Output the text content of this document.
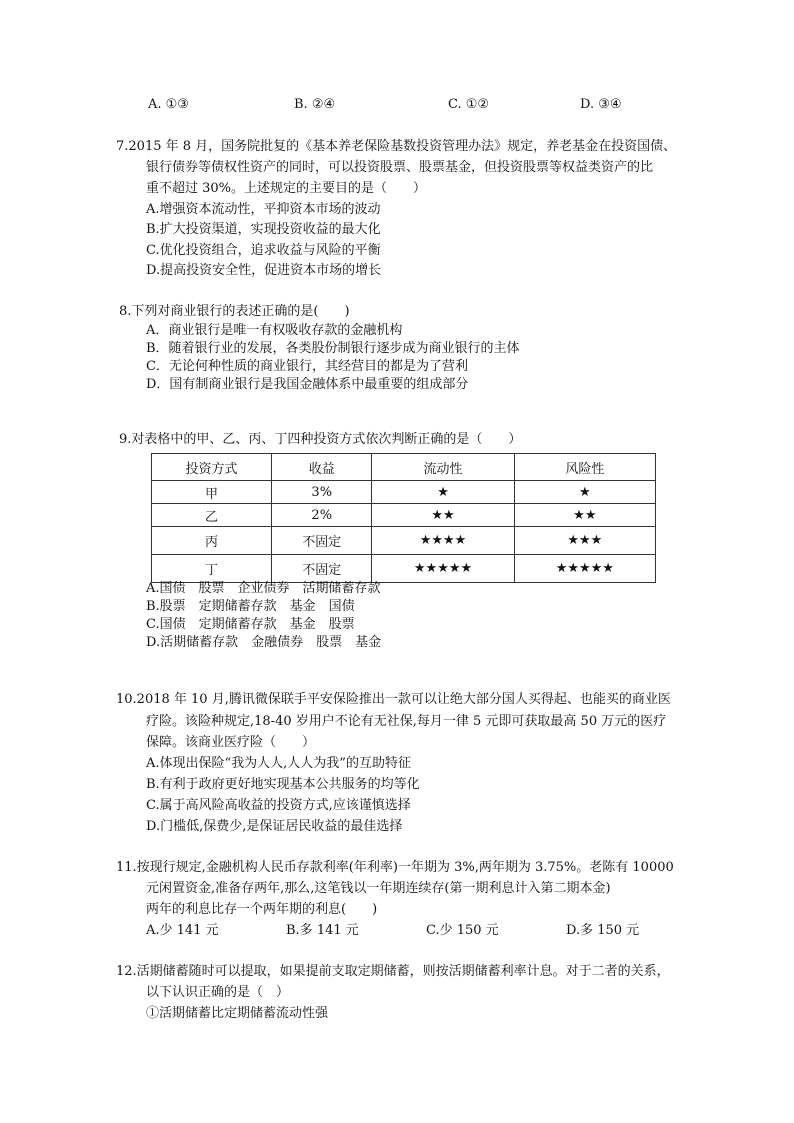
A. ①③	B. ②④	C. ①②	D. ③④
7.2015 年 8 月，国务院批复的《基本养老保险基数投资管理办法》规定，养老基金在投资国债、
银行债券等债权性资产的同时，可以投资股票、股票基金，但投资股票等权益类资产的比
重不超过 30%。上述规定的主要目的是（　　）
A.增强资本流动性，平抑资本市场的波动
B.扩大投资渠道，实现投资收益的最大化
C.优化投资组合，追求收益与风险的平衡
D.提高投资安全性，促进资本市场的增长
8.下列对商业银行的表述正确的是(　　)
A．商业银行是唯一有权吸收存款的金融机构
B．随着银行业的发展，各类股份制银行逐步成为商业银行的主体
C．无论何种性质的商业银行，其经营目的都是为了营利
D．国有制商业银行是我国金融体系中最重要的组成部分
9.对表格中的甲、乙、丙、丁四种投资方式依次判断正确的是（　　）
投资方式	收益	流动性	风险性
甲	3%	★	★
乙	2%	★★	★★
丙	不固定	★★★★	★★★
丁	不固定	★★★★★	★★★★★
A.国债　股票　企业债券　活期储蓄存款
B.股票　定期储蓄存款　基金　国债
C.国债　定期储蓄存款　基金　股票
D.活期储蓄存款　金融债券　股票　基金
10.2018 年 10 月,腾讯微保联手平安保险推出一款可以让绝大部分国人买得起、也能买的商业医
疗险。该险种规定,18-40 岁用户不论有无社保,每月一律 5 元即可获取最高 50 万元的医疗
保障。该商业医疗险（　　）
A.体现出保险“我为人人,人人为我”的互助特征
B.有利于政府更好地实现基本公共服务的均等化
C.属于高风险高收益的投资方式,应该谨慎选择
D.门槛低,保费少,是保证居民收益的最佳选择
11.按现行规定,金融机构人民币存款利率(年利率)一年期为 3%,两年期为 3.75%。老陈有 10000
元闲置资金,准备存两年,那么,这笔钱以一年期连续存(第一期利息计入第二期本金)
两年的利息比存一个两年期的利息(　　)
A.少 141 元	B.多 141 元	C.少 150 元	D.多 150 元
12.活期储蓄随时可以提取，如果提前支取定期储蓄，则按活期储蓄利率计息。对于二者的关系，
以下认识正确的是（　）
①活期储蓄比定期储蓄流动性强
